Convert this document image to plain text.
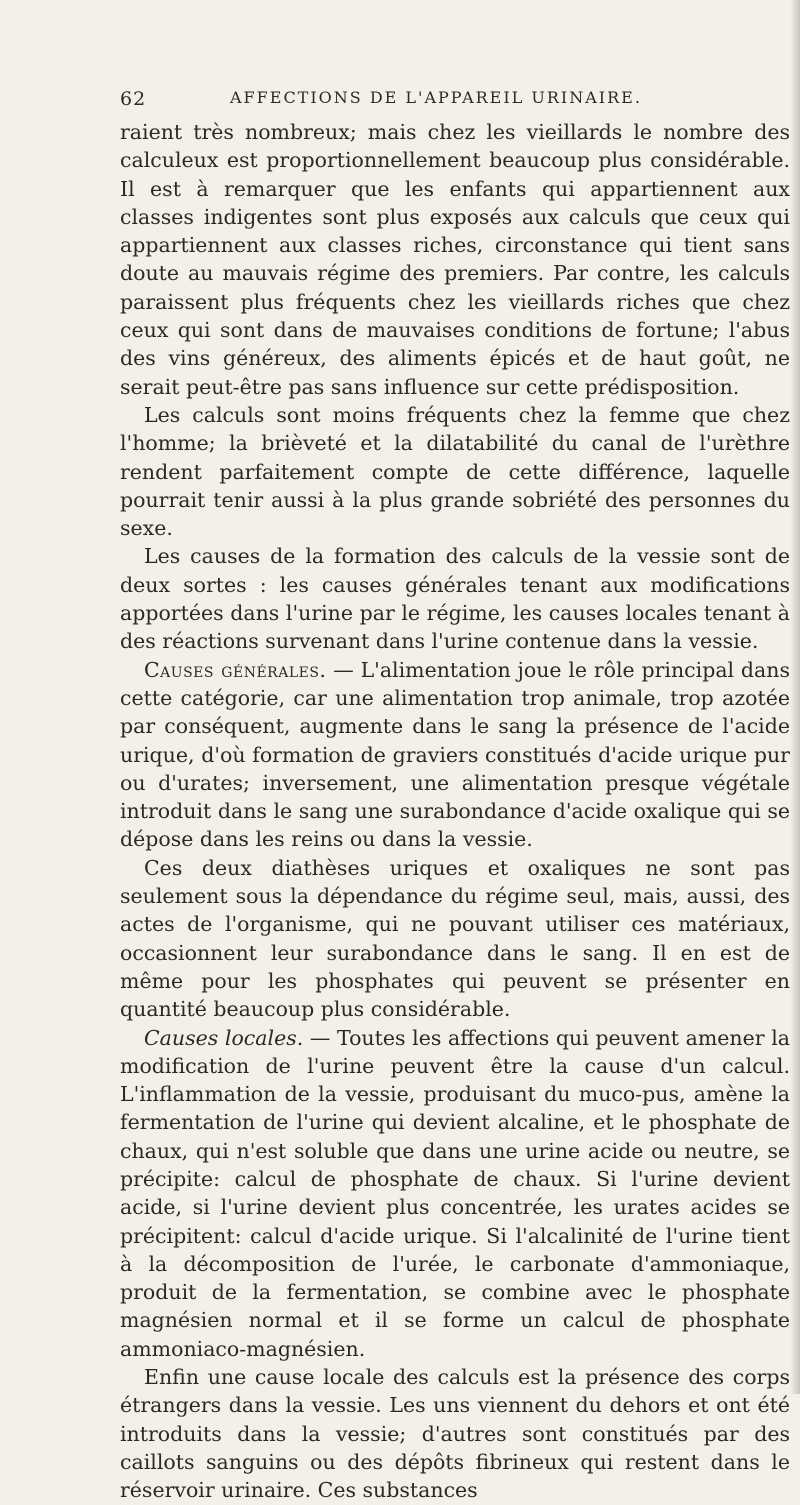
62	AFFECTIONS DE L'APPAREIL URINAIRE.

raient très nombreux; mais chez les vieillards le nombre des calculeux est proportionnellement beaucoup plus considérable. Il est à remarquer que les enfants qui appartiennent aux classes indigentes sont plus exposés aux calculs que ceux qui appartiennent aux classes riches, circonstance qui tient sans doute au mauvais régime des premiers. Par contre, les calculs paraissent plus fréquents chez les vieillards riches que chez ceux qui sont dans de mauvaises conditions de fortune; l'abus des vins généreux, des aliments épicés et de haut goût, ne serait peut-être pas sans influence sur cette prédisposition.

Les calculs sont moins fréquents chez la femme que chez l'homme; la brièveté et la dilatabilité du canal de l'urèthre rendent parfaitement compte de cette différence, laquelle pourrait tenir aussi à la plus grande sobriété des personnes du sexe.

Les causes de la formation des calculs de la vessie sont de deux sortes : les causes générales tenant aux modifications apportées dans l'urine par le régime, les causes locales tenant à des réactions survenant dans l'urine contenue dans la vessie.

Causes générales. — L'alimentation joue le rôle principal dans cette catégorie, car une alimentation trop animale, trop azotée par conséquent, augmente dans le sang la présence de l'acide urique, d'où formation de graviers constitués d'acide urique pur ou d'urates; inversement, une alimentation presque végétale introduit dans le sang une surabondance d'acide oxalique qui se dépose dans les reins ou dans la vessie.

Ces deux diathèses uriques et oxaliques ne sont pas seulement sous la dépendance du régime seul, mais, aussi, des actes de l'organisme, qui ne pouvant utiliser ces matériaux, occasionnent leur surabondance dans le sang. Il en est de même pour les phosphates qui peuvent se présenter en quantité beaucoup plus considérable.

Causes locales. — Toutes les affections qui peuvent amener la modification de l'urine peuvent être la cause d'un calcul. L'inflammation de la vessie, produisant du muco-pus, amène la fermentation de l'urine qui devient alcaline, et le phosphate de chaux, qui n'est soluble que dans une urine acide ou neutre, se précipite: calcul de phosphate de chaux. Si l'urine devient acide, si l'urine devient plus concentrée, les urates acides se précipitent: calcul d'acide urique. Si l'alcalinité de l'urine tient à la décomposition de l'urée, le carbonate d'ammoniaque, produit de la fermentation, se combine avec le phosphate magnésien normal et il se forme un calcul de phosphate ammoniaco-magnésien.

Enfin une cause locale des calculs est la présence des corps étrangers dans la vessie. Les uns viennent du dehors et ont été introduits dans la vessie; d'autres sont constitués par des caillots sanguins ou des dépôts fibrineux qui restent dans le réservoir urinaire. Ces substances
